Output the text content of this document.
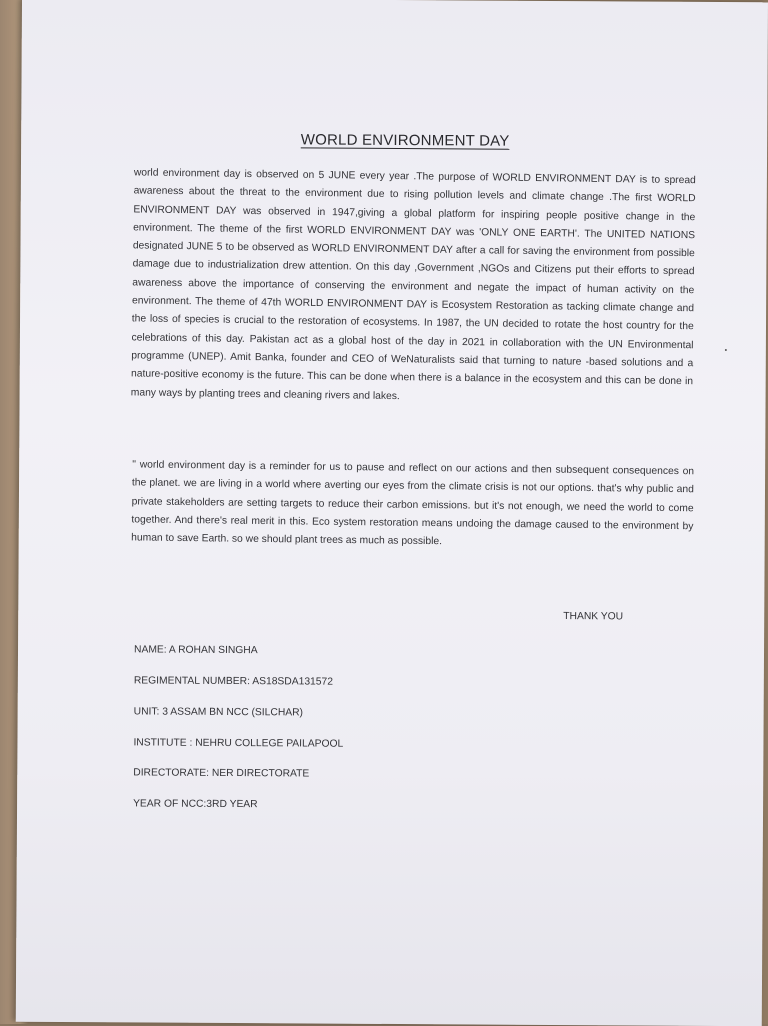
WORLD ENVIRONMENT DAY

world environment day is observed on 5 JUNE every year .The purpose of WORLD ENVIRONMENT DAY is to spread awareness about the threat to the environment due to rising pollution levels and climate change .The first WORLD ENVIRONMENT DAY was observed in 1947,giving a global platform for inspiring people positive change in the environment. The theme of the first WORLD ENVIRONMENT DAY was 'ONLY ONE EARTH'. The UNITED NATIONS designated JUNE 5 to be observed as WORLD ENVIRONMENT DAY after a call for saving the environment from possible damage due to industrialization drew attention. On this day ,Government ,NGOs and Citizens put their efforts to spread awareness above the importance of conserving the environment and negate the impact of human activity on the environment. The theme of 47th WORLD ENVIRONMENT DAY is Ecosystem Restoration as tacking climate change and the loss of species is crucial to the restoration of ecosystems. In 1987, the UN decided to rotate the host country for the celebrations of this day. Pakistan act as a global host of the day in 2021 in collaboration with the UN Environmental programme (UNEP). Amit Banka, founder and CEO of WeNaturalists said that turning to nature -based solutions and a nature-positive economy is the future. This can be done when there is a balance in the ecosystem and this can be done in many ways by planting trees and cleaning rivers and lakes.

'' world environment day is a reminder for us to pause and reflect on our actions and then subsequent consequences on the planet. we are living in a world where averting our eyes from the climate crisis is not our options. that's why public and private stakeholders are setting targets to reduce their carbon emissions. but it's not enough, we need the world to come together. And there's real merit in this. Eco system restoration means undoing the damage caused to the environment by human to save Earth. so we should plant trees as much as possible.

THANK YOU
NAME: A ROHAN SINGHA
REGIMENTAL NUMBER: AS18SDA131572
UNIT: 3 ASSAM BN NCC (SILCHAR)
INSTITUTE : NEHRU COLLEGE PAILAPOOL
DIRECTORATE: NER DIRECTORATE
YEAR OF NCC:3RD YEAR
